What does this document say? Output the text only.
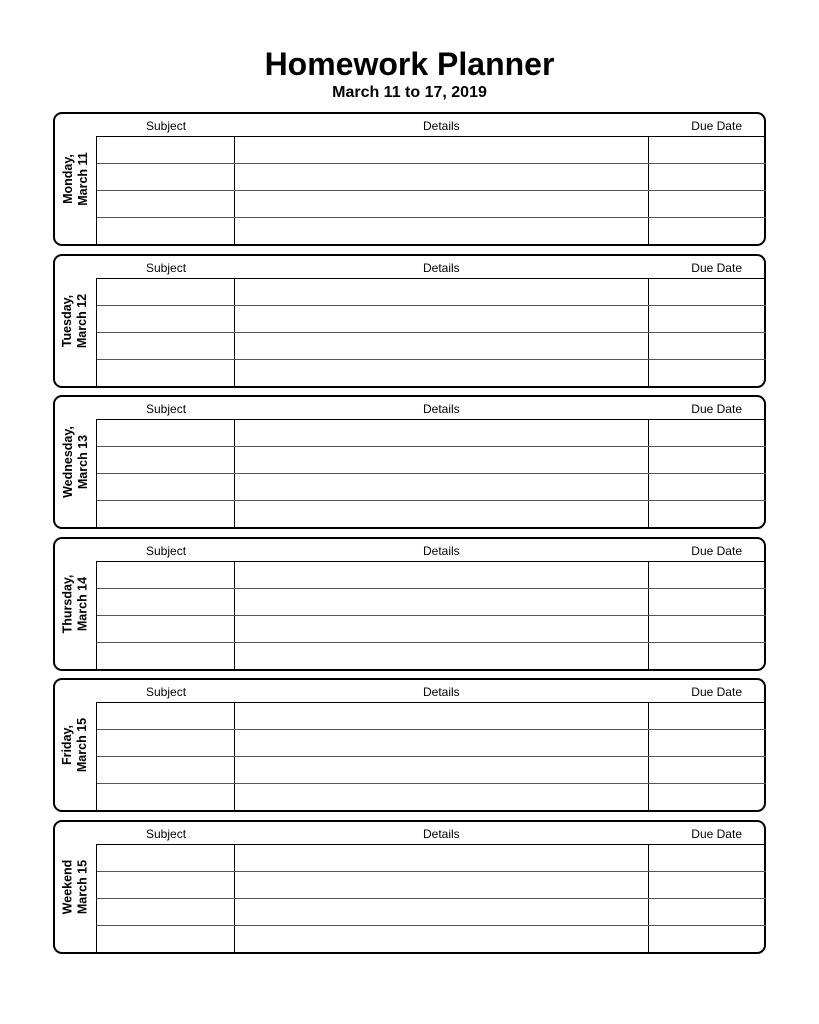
Homework Planner
March 11 to 17, 2019
Monday, March 11
Subject	Details	Due Date
Tuesday, March 12
Subject	Details	Due Date
Wednesday, March 13
Subject	Details	Due Date
Thursday, March 14
Subject	Details	Due Date
Friday, March 15
Subject	Details	Due Date
Weekend March 15
Subject	Details	Due Date
